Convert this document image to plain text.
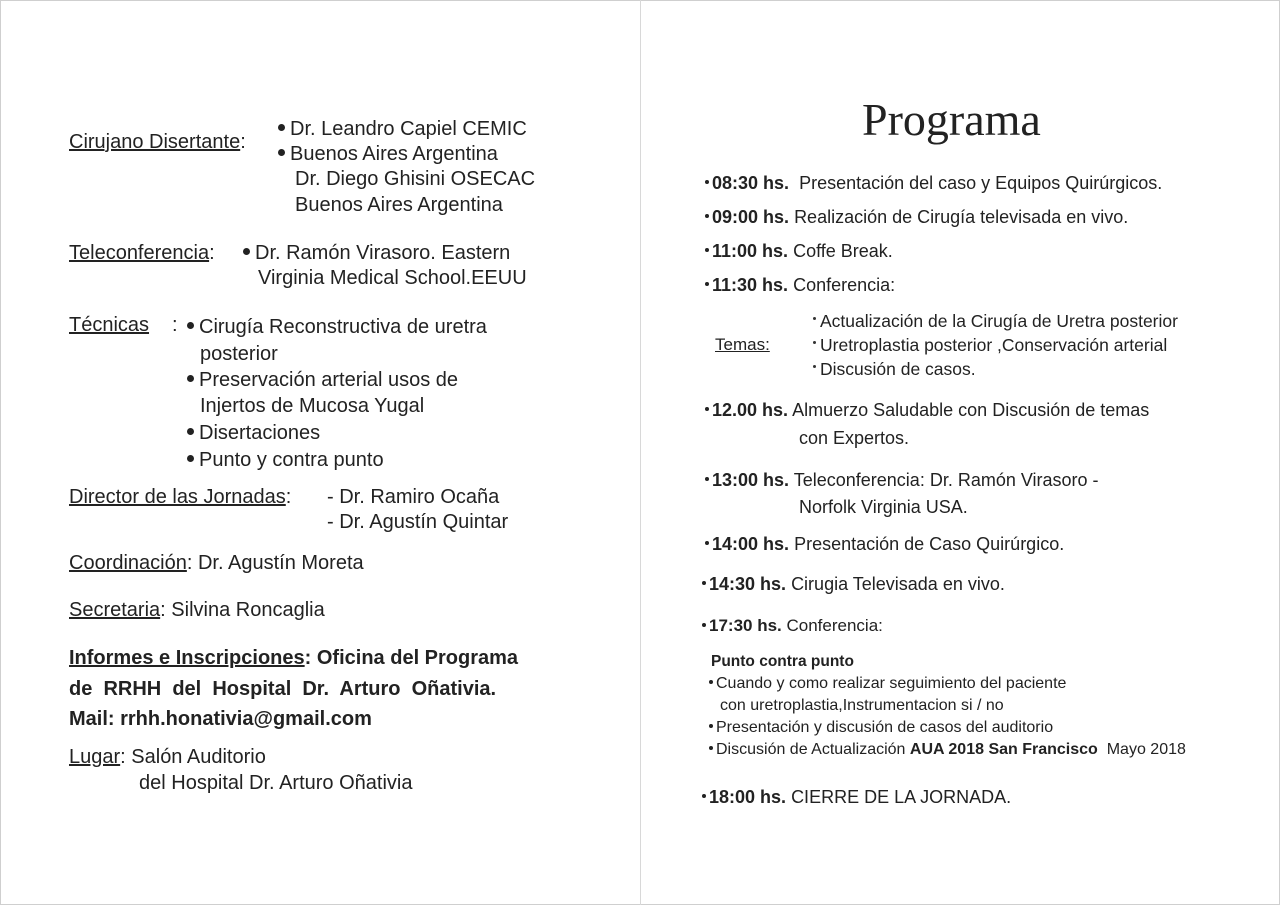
Cirujano Disertante:
Dr. Leandro Capiel CEMIC
Buenos Aires Argentina
Dr. Diego Ghisini OSECAC
Buenos Aires Argentina
Teleconferencia:	Dr. Ramón Virasoro. Eastern
Virginia Medical School.EEUU
Técnicas :	Cirugía Reconstructiva de uretra
posterior
Preservación arterial usos de
Injertos de Mucosa Yugal
Disertaciones
Punto y contra punto
Director de las Jornadas: - Dr. Ramiro Ocaña
- Dr. Agustín Quintar
Coordinación: Dr. Agustín Moreta
Secretaria: Silvina Roncaglia
Informes e Inscripciones: Oficina del Programa
de  RRHH  del  Hospital  Dr.  Arturo  Oñativia.
Mail: rrhh.honativia@gmail.com
Lugar: Salón Auditorio
del Hospital Dr. Arturo Oñativia
Programa
08:30 hs. Presentación del caso y Equipos Quirúrgicos.
09:00 hs. Realización de Cirugía televisada en vivo.
11:00 hs. Coffe Break.
11:30 hs. Conferencia:
Temas:
Actualización de la Cirugía de Uretra posterior
Uretroplastia posterior ,Conservación arterial
Discusión de casos.
12.00 hs. Almuerzo Saludable con Discusión de temas
con Expertos.
13:00 hs. Teleconferencia: Dr. Ramón Virasoro -
Norfolk Virginia USA.
14:00 hs. Presentación de Caso Quirúrgico.
14:30 hs. Cirugia Televisada en vivo.
17:30 hs. Conferencia:
Punto contra punto
Cuando y como realizar seguimiento del paciente
con uretroplastia,Instrumentacion si / no
Presentación y discusión de casos del auditorio
Discusión de Actualización AUA 2018 San Francisco  Mayo 2018
18:00 hs. CIERRE DE LA JORNADA.
